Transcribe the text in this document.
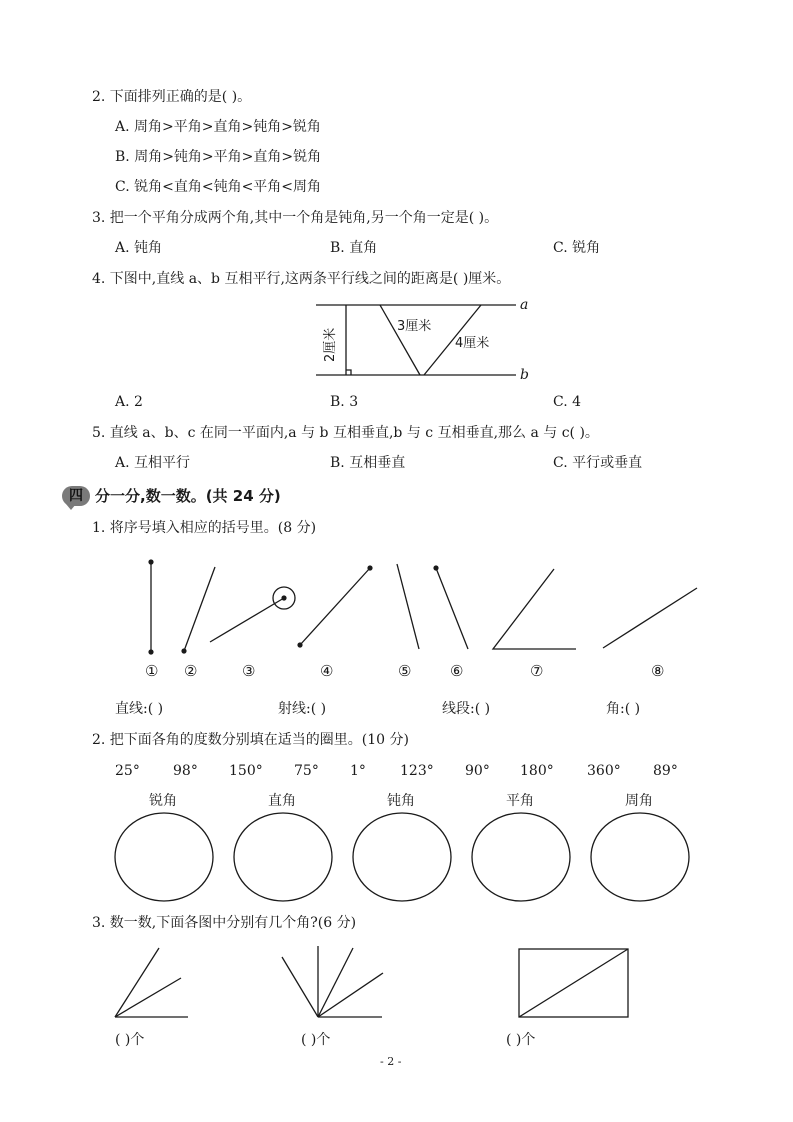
2. 下面排列正确的是( )。
A. 周角>平角>直角>钝角>锐角
B. 周角>钝角>平角>直角>锐角
C. 锐角<直角<钝角<平角<周角
3. 把一个平角分成两个角,其中一个角是钝角,另一个角一定是( )。
A. 钝角	B. 直角	C. 锐角
4. 下图中,直线 a、b 互相平行,这两条平行线之间的距离是( )厘米。
a
b
2厘米
3厘米
4厘米
A. 2	B. 3	C. 4
5. 直线 a、b、c 在同一平面内,a 与 b 互相垂直,b 与 c 互相垂直,那么 a 与 c( )。
A. 互相平行	B. 互相垂直	C. 平行或垂直
四 分一分,数一数。(共 24 分)
1. 将序号填入相应的括号里。(8 分)
① ②	③	④	⑤	⑥	⑦	⑧
直线:( )	射线:( )	线段:( )	角:( )
2. 把下面各角的度数分别填在适当的圈里。(10 分)
25° 98° 150° 75° 1° 123° 90° 180° 360° 89°
锐角	直角	钝角	平角	周角
3. 数一数,下面各图中分别有几个角?(6 分)
( )个	( )个	( )个
- 2 -
